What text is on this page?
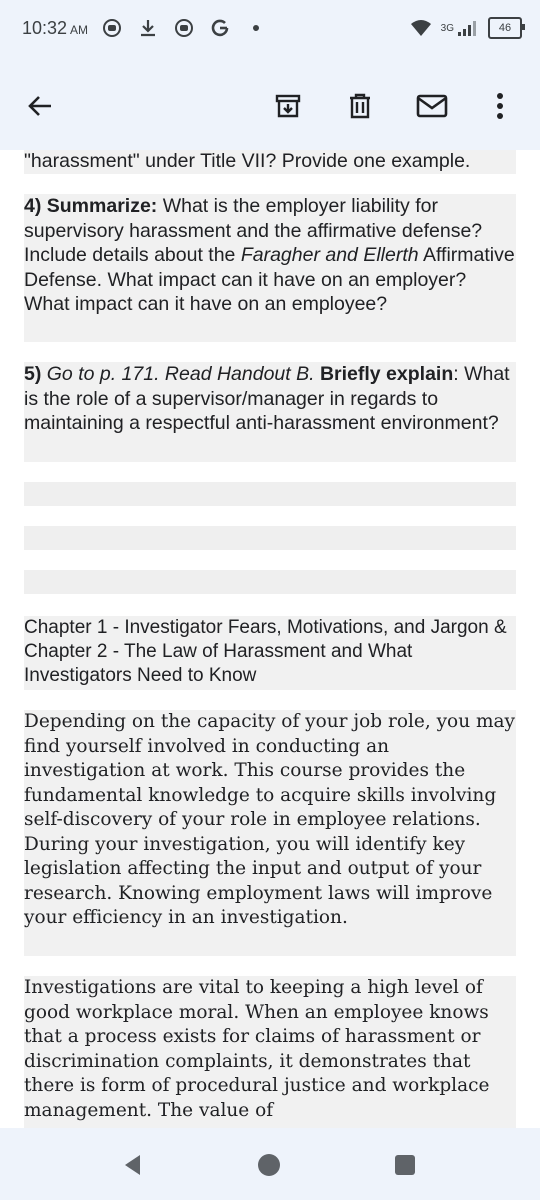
10:32 AM	3G	46
"harassment" under Title VII? Provide one example.
4) Summarize: What is the employer liability for supervisory harassment and the affirmative defense? Include details about the Faragher and Ellerth Affirmative Defense. What impact can it have on an employer? What impact can it have on an employee?
5) Go to p. 171. Read Handout B. Briefly explain: What is the role of a supervisor/manager in regards to maintaining a respectful anti-harassment environment?
Chapter 1 - Investigator Fears, Motivations, and Jargon & Chapter 2 - The Law of Harassment and What Investigators Need to Know
Depending on the capacity of your job role, you may find yourself involved in conducting an investigation at work. This course provides the fundamental knowledge to acquire skills involving self-discovery of your role in employee relations. During your investigation, you will identify key legislation affecting the input and output of your research. Knowing employment laws will improve your efficiency in an investigation.
Investigations are vital to keeping a high level of good workplace moral. When an employee knows that a process exists for claims of harassment or discrimination complaints, it demonstrates that there is form of procedural justice and workplace management. The value of
